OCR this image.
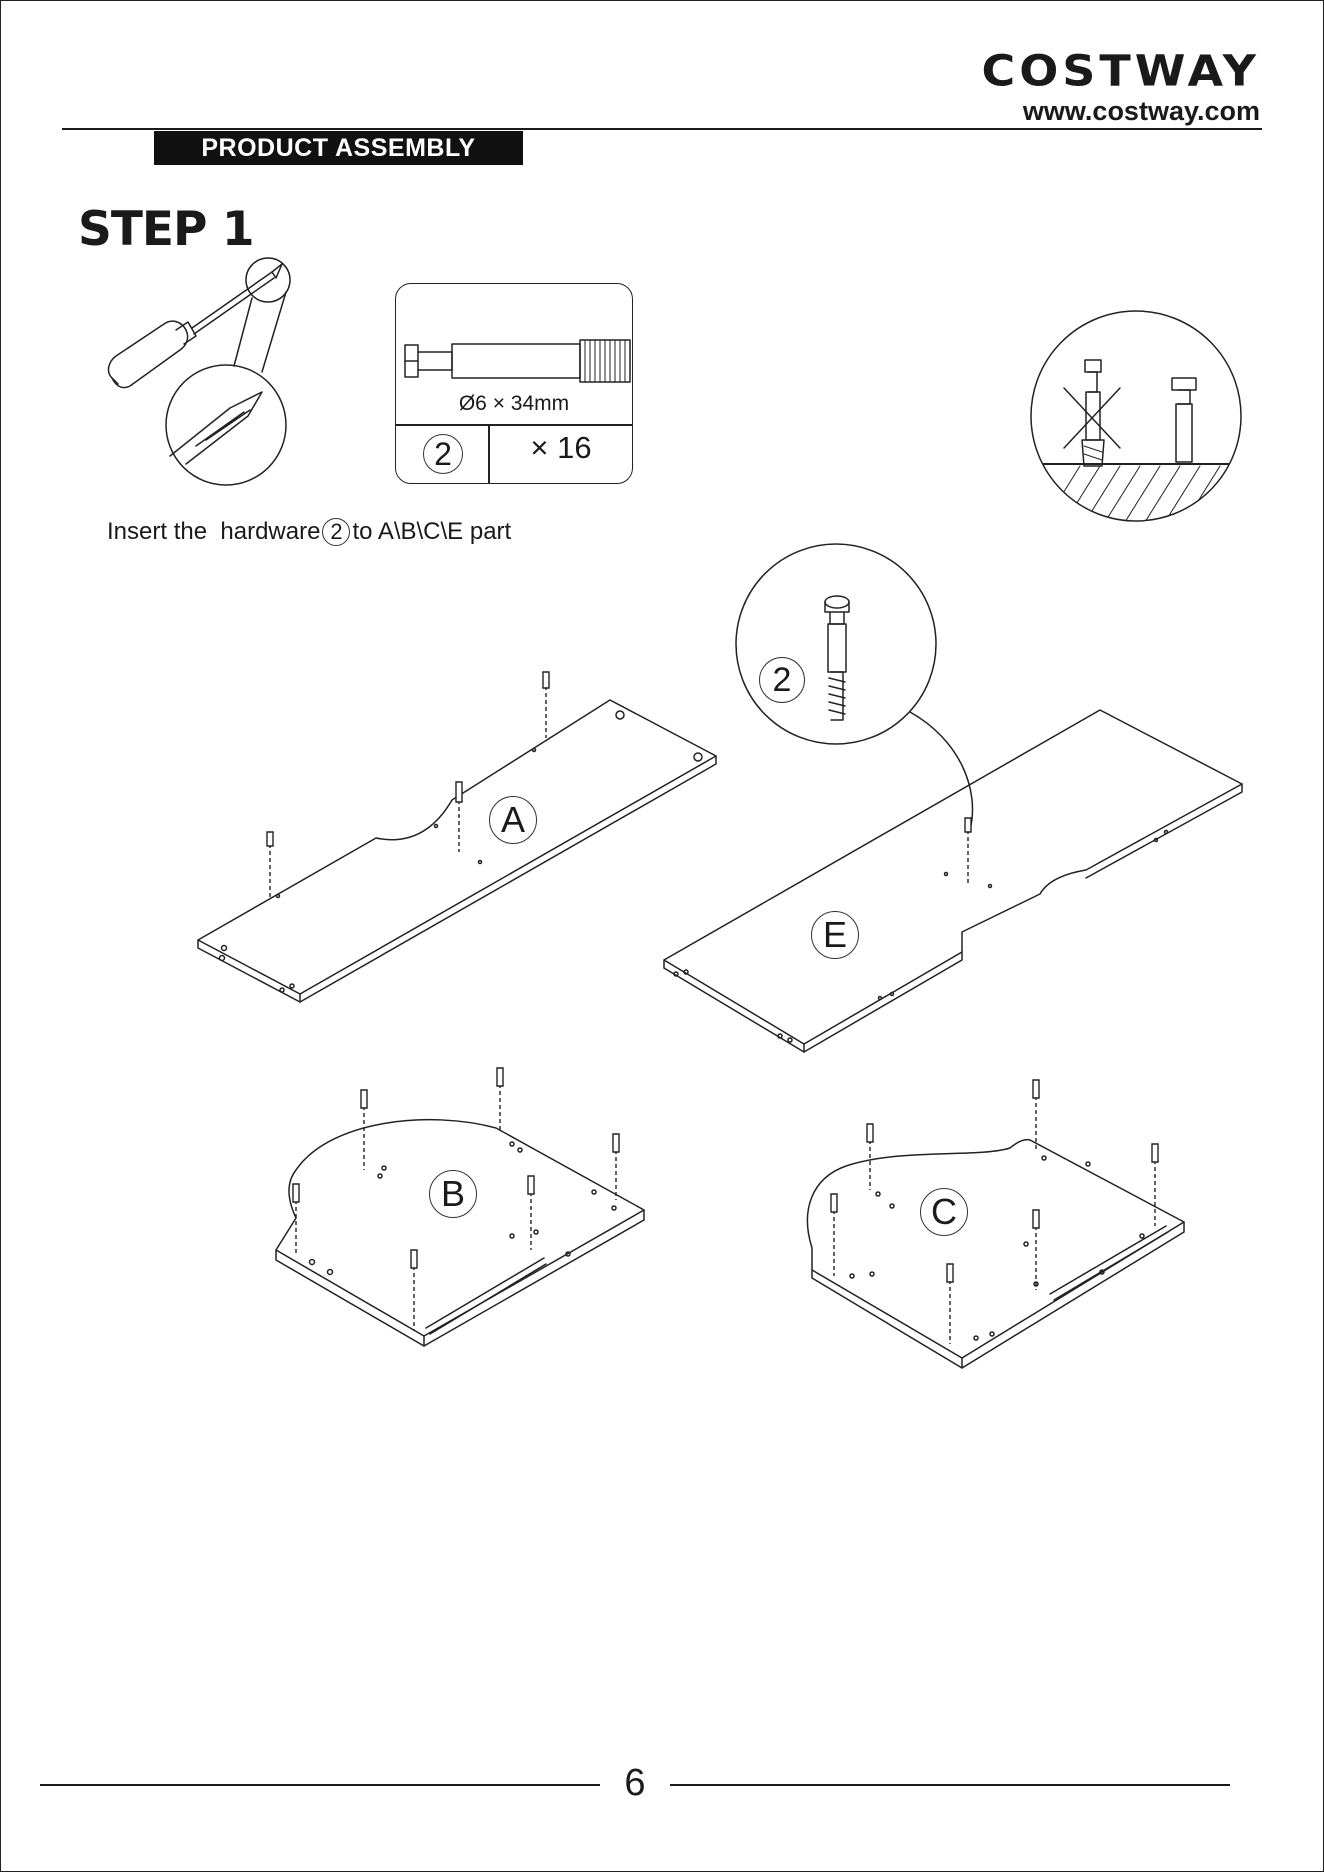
COSTWAY
www.costway.com
PRODUCT ASSEMBLY
STEP 1
Ø6 × 34mm
2	× 16
Insert the  hardware 2 to A\B\C\E part
2
A
E
B	C
6
